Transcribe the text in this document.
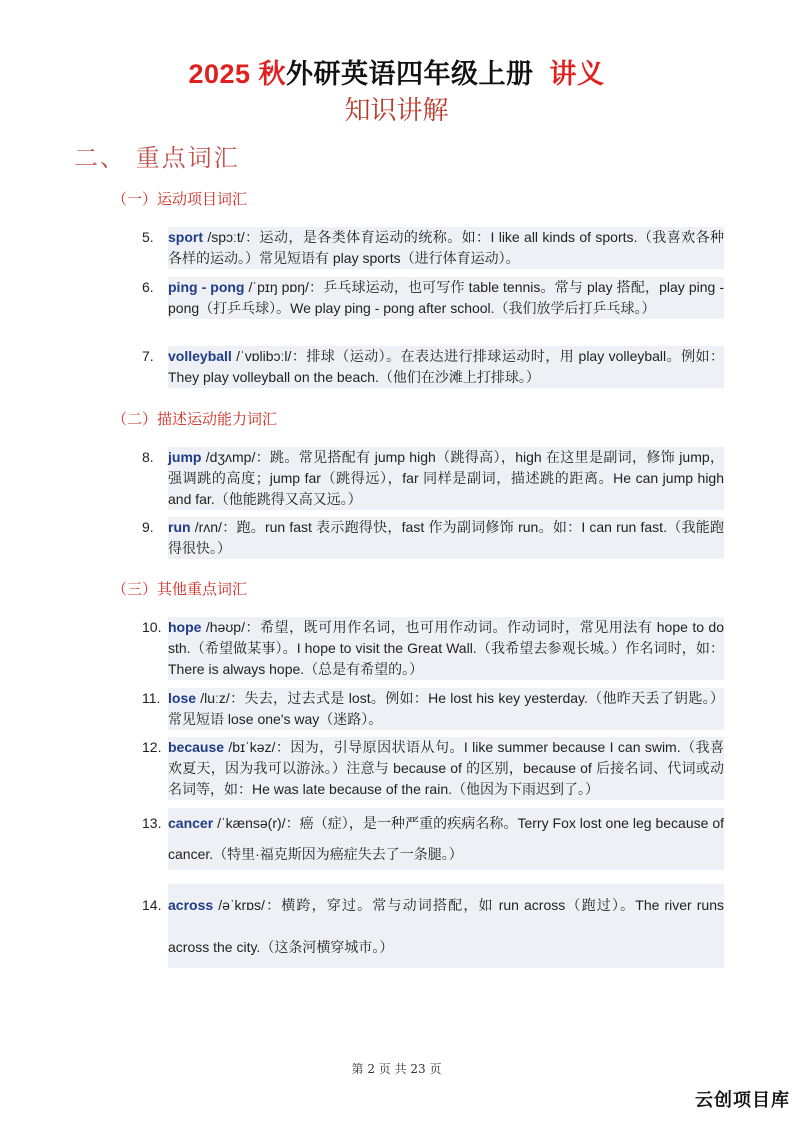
2025 秋外研英语四年级上册 讲义
知识讲解
二、 重点词汇
（一）运动项目词汇
5.	sport /spɔːt/：运动，是各类体育运动的统称。如：I like all kinds of sports.（我喜欢各种各样的运动。）常见短语有 play sports（进行体育运动）。
6.	ping - pong /ˈpɪŋ pɒŋ/：乒乓球运动，也可写作 table tennis。常与 play 搭配，play ping - pong（打乒乓球）。We play ping - pong after school.（我们放学后打乒乓球。）
7.	volleyball /ˈvɒlibɔːl/：排球（运动）。在表达进行排球运动时，用 play volleyball。例如：They play volleyball on the beach.（他们在沙滩上打排球。）
（二）描述运动能力词汇
8.	jump /dʒʌmp/：跳。常见搭配有 jump high（跳得高），high 在这里是副词，修饰 jump，强调跳的高度；jump far（跳得远），far 同样是副词，描述跳的距离。He can jump high and far.（他能跳得又高又远。）
9.	run /rʌn/：跑。run fast 表示跑得快，fast 作为副词修饰 run。如：I can run fast.（我能跑得很快。）
（三）其他重点词汇
10. hope /həʊp/：希望，既可用作名词，也可用作动词。作动词时，常见用法有 hope to do sth.（希望做某事）。I hope to visit the Great Wall.（我希望去参观长城。）作名词时，如：There is always hope.（总是有希望的。）
11. lose /luːz/：失去，过去式是 lost。例如：He lost his key yesterday.（他昨天丢了钥匙。）常见短语 lose one's way（迷路）。
12. because /bɪˈkəz/：因为，引导原因状语从句。I like summer because I can swim.（我喜欢夏天，因为我可以游泳。）注意与 because of 的区别，because of 后接名词、代词或动名词等，如：He was late because of the rain.（他因为下雨迟到了。）
13. cancer /ˈkænsə(r)/：癌（症），是一种严重的疾病名称。Terry Fox lost one leg because of cancer.（特里·福克斯因为癌症失去了一条腿。）
14. across /əˈkrɒs/：横跨，穿过。常与动词搭配，如 run across（跑过）。The river runs across the city.（这条河横穿城市。）
第 2 页 共 23 页
云创项目库
